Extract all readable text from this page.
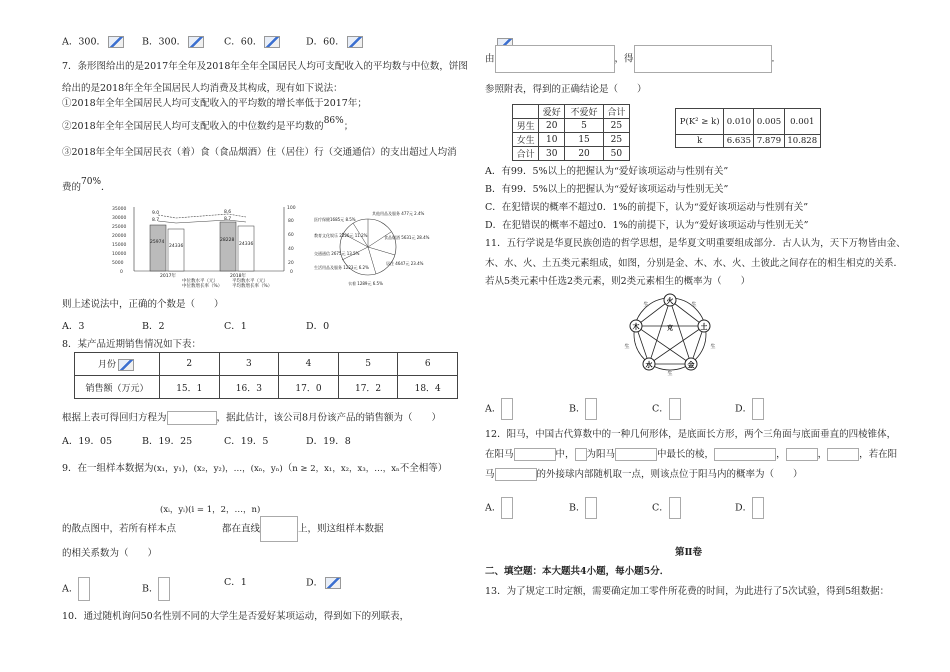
A．300．	B．300．	C．60．	D．60．
7．条形图给出的是2017年全年及2018年全年全国居民人均可支配收入的平均数与中位数，饼图
给出的是2018年全年全国居民人均消费及其构成，现有如下说法：
①2018年全年全国居民人均可支配收入的平均数的增长率低于2017年；
②2018年全年全国居民人均可支配收入的中位数约是平均数的86%；
③2018年全年全国居民衣（着）食（食品烟酒）住（居住）行（交通通信）的支出超过人均消
费的70%．
35000
30000
25000
20000
15000
10000
5000
0
100
80
60
40
20
0
9.0
8.7
8.6
8.7
25974
24336
28228
24336
2017年	2018年
中位数水平（元）	平均数水平（元）
中位数增长率（%） 平均数增长率（%）
医疗保健1685元 8.5%
教育文化娱乐 2226元 11.2%
交通通信 2675元 13.5%
生活用品及服务 1223元 6.2%
其他用品及服务 477元 2.4%
食品烟酒 5631元 28.4%
居住 4647元 23.4%
衣着 1289元 6.5%
则上述说法中，正确的个数是（　　）
A．3	B．2	C．1	D．0
8．某产品近期销售情况如下表：
月份	2	3	4	5	6
销售额（万元）	15．1	16．3	17．0	17．2	18．4
根据上表可得回归方程为	，据此估计，该公司8月份该产品的销售额为（　　）
A．19．05	B．19．25	C．19．5	D．19．8
9．在一组样本数据为(x₁，y₁)，(x₂，y₂)，…，(xₙ，yₙ)（n ≥ 2，x₁，x₂，x₃，…，xₙ不全相等）
(xᵢ，yᵢ)(i = 1，2，…，n)
的散点图中，若所有样本点	都在直线	上，则这组样本数据
的相关系数为（　　）
A．	B．
C．1	D．
10．通过随机询问50名性别不同的大学生是否爱好某项运动，得到如下的列联表，
由	，得	．
参照附表，得到的正确结论是（　　）
	爱好	不爱好	合计
男生	20	5	25
女生	10	15	25
合计	30	20	50
P(K² ≥ k)	0.010	0.005	0.001
k	6.635	7.879	10.828
A．有99．5%以上的把握认为“爱好该项运动与性别有关”
B．有99．5%以上的把握认为“爱好该项运动与性别无关”
C．在犯错误的概率不超过0．1%的前提下，认为“爱好该项运动与性别有关”
D．在犯错误的概率不超过0．1%的前提下，认为“爱好该项运动与性别无关”
11．五行学说是华夏民族创造的哲学思想，是华夏文明重要组成部分．古人认为，天下万物皆由金、
木、水、火、土五类元素组成，如图，分别是金、木、水、火、土彼此之间存在的相生相克的关系．
若从5类元素中任选2类元素，则2类元素相生的概率为（　　）
火
土
金
水
木	克
生
生
生
生
生
A．	B．	C．	D．
12．阳马，中国古代算数中的一种几何形体，是底面长方形，两个三角面与底面垂直的四棱锥体，
在阳马	中， 为阳马	中最长的棱，	，	，	，若在阳
马	的外接球内部随机取一点，则该点位于阳马内的概率为（　　）
A．	B．	C．	D．
第Ⅱ卷
二、填空题：本大题共4小题，每小题5分．
13．为了规定工时定额，需要确定加工零件所花费的时间，为此进行了5次试验，得到5组数据：
